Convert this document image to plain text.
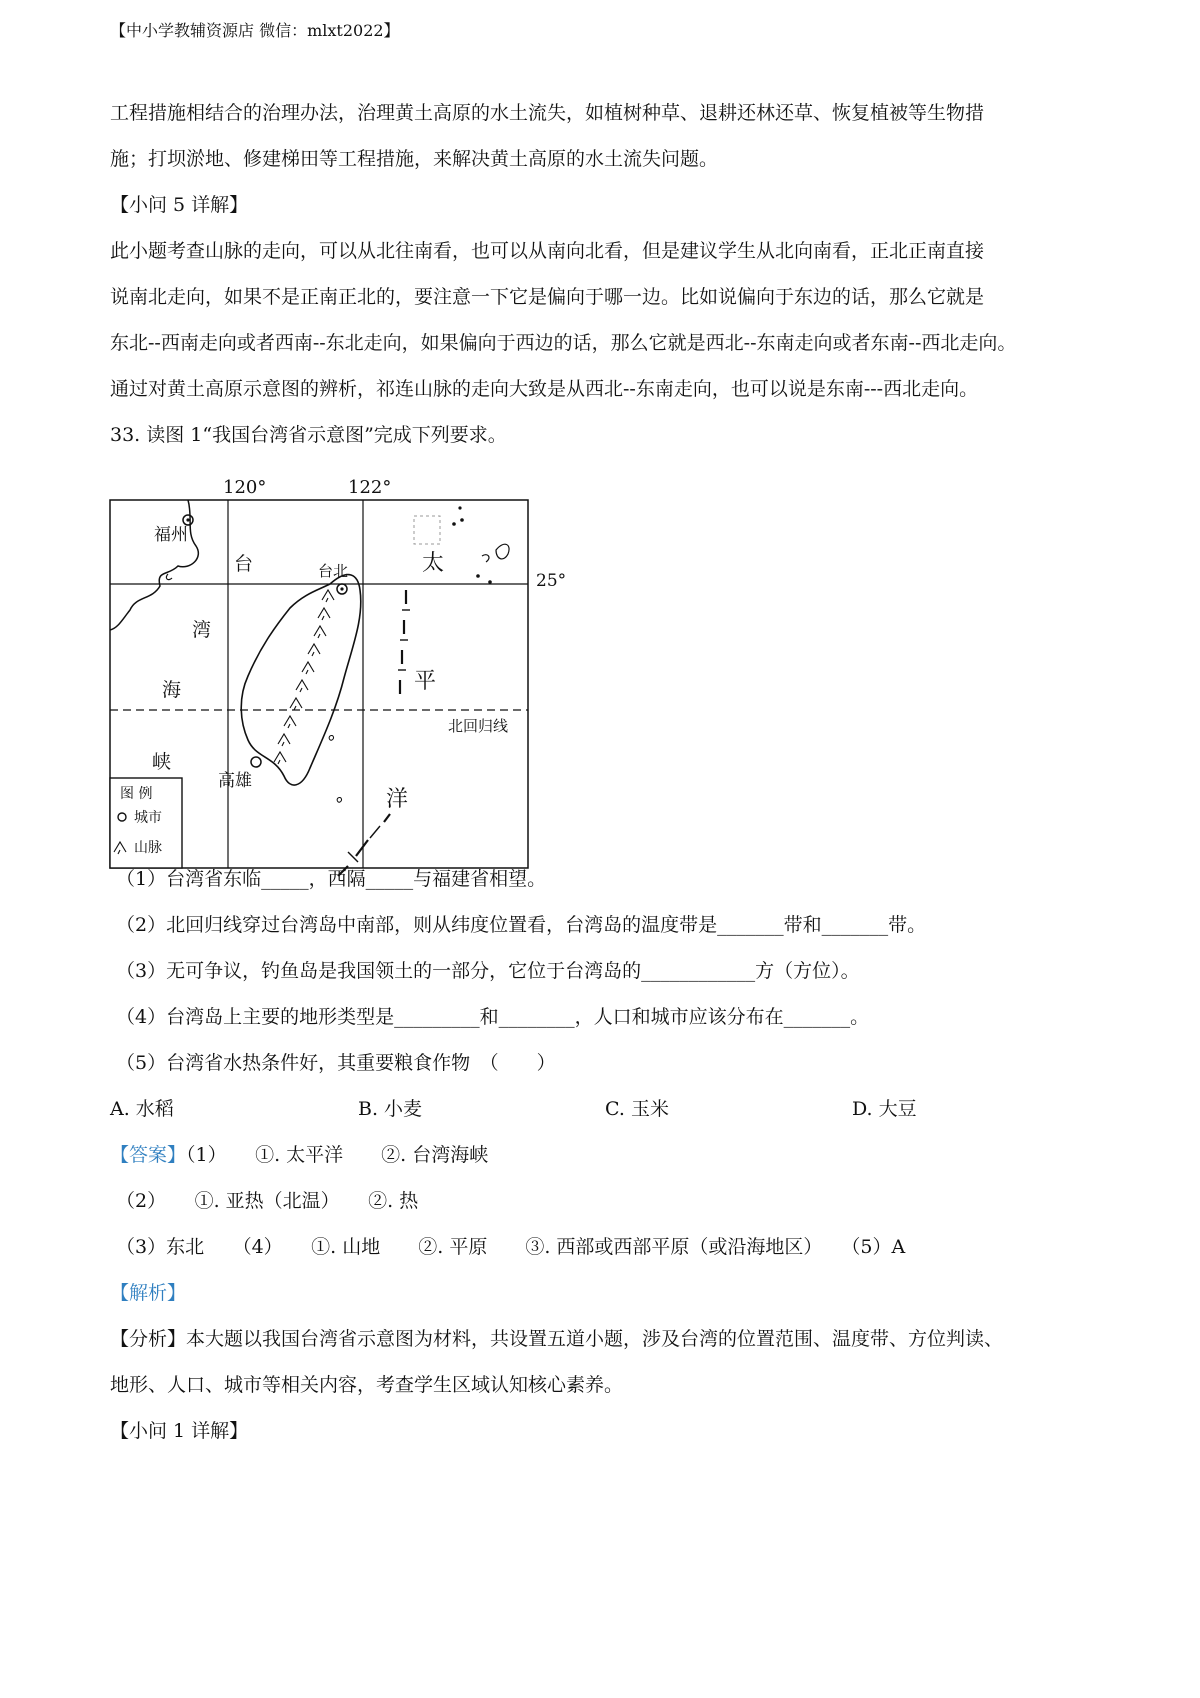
【中小学教辅资源店 微信：mlxt2022】
工程措施相结合的治理办法，治理黄土高原的水土流失，如植树种草、退耕还林还草、恢复植被等生物措
施；打坝淤地、修建梯田等工程措施，来解决黄土高原的水土流失问题。
【小问 5 详解】
此小题考查山脉的走向，可以从北往南看，也可以从南向北看，但是建议学生从北向南看，正北正南直接
说南北走向，如果不是正南正北的，要注意一下它是偏向于哪一边。比如说偏向于东边的话，那么它就是
东北--西南走向或者西南--东北走向，如果偏向于西边的话，那么它就是西北--东南走向或者东南--西北走向。
通过对黄土高原示意图的辨析，祁连山脉的走向大致是从西北--东南走向，也可以说是东南---西北走向。
33. 读图 1“我国台湾省示意图”完成下列要求。
120°	122°
25°
福州
台北
高雄
台
湾
海
峡
太
平
洋
北回归线
图 例
城市
山脉
（1）台湾省东临_____，西隔_____与福建省相望。
（2）北回归线穿过台湾岛中南部，则从纬度位置看，台湾岛的温度带是_______带和_______带。
（3）无可争议，钓鱼岛是我国领土的一部分，它位于台湾岛的____________方（方位）。
（4）台湾岛上主要的地形类型是_________和________，人口和城市应该分布在_______。
（5）台湾省水热条件好，其重要粮食作物　（　　）
A. 水稻	B. 小麦	C. 玉米	D. 大豆
【答案】（1）　　①. 太平洋　　②. 台湾海峡
（2）　　①. 亚热（北温）　　②. 热
（3）东北　　（4）　　①. 山地　　②. 平原　　③. 西部或西部平原（或沿海地区）　　（5）A
【解析】
【分析】本大题以我国台湾省示意图为材料，共设置五道小题，涉及台湾的位置范围、温度带、方位判读、
地形、人口、城市等相关内容，考查学生区域认知核心素养。
【小问 1 详解】
